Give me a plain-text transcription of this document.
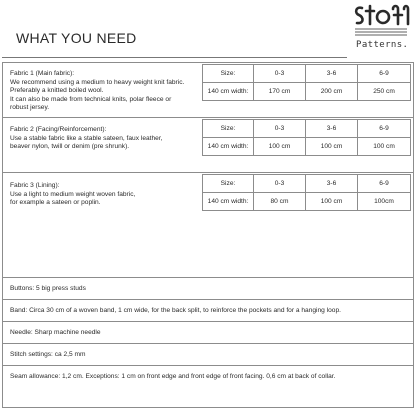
WHAT YOU NEED	Patterns.
Fabric 1 (Main fabric):
We recommend using a medium to heavy weight knit fabric.
Preferably a knitted boiled wool.
It can also be made from technical knits, polar fleece or
robust jersey.
Size:	0-3	3-6	6-9
140 cm width:	170 cm	200 cm	250 cm
Fabric 2 (Facing/Reinforcement):
Use a stable fabric like a stable sateen, faux leather,
beaver nylon, twill or denim (pre shrunk).
Size:	0-3	3-6	6-9
140 cm width:	100 cm	100 cm	100 cm
Fabric 3 (Lining):
Use a light to medium weight woven fabric,
for example a sateen or poplin.
Size:	0-3	3-6	6-9
140 cm width:	80 cm	100 cm	100cm
Buttons: 5 big press studs
Band: Circa 30 cm of a woven band, 1 cm wide, for the back split, to reinforce the pockets and for a hanging loop.
Needle: Sharp machine needle
Stitch settings: ca 2,5 mm
Seam allowance: 1,2 cm. Exceptions: 1 cm on front edge and front edge of front facing. 0,6 cm at back of collar.
